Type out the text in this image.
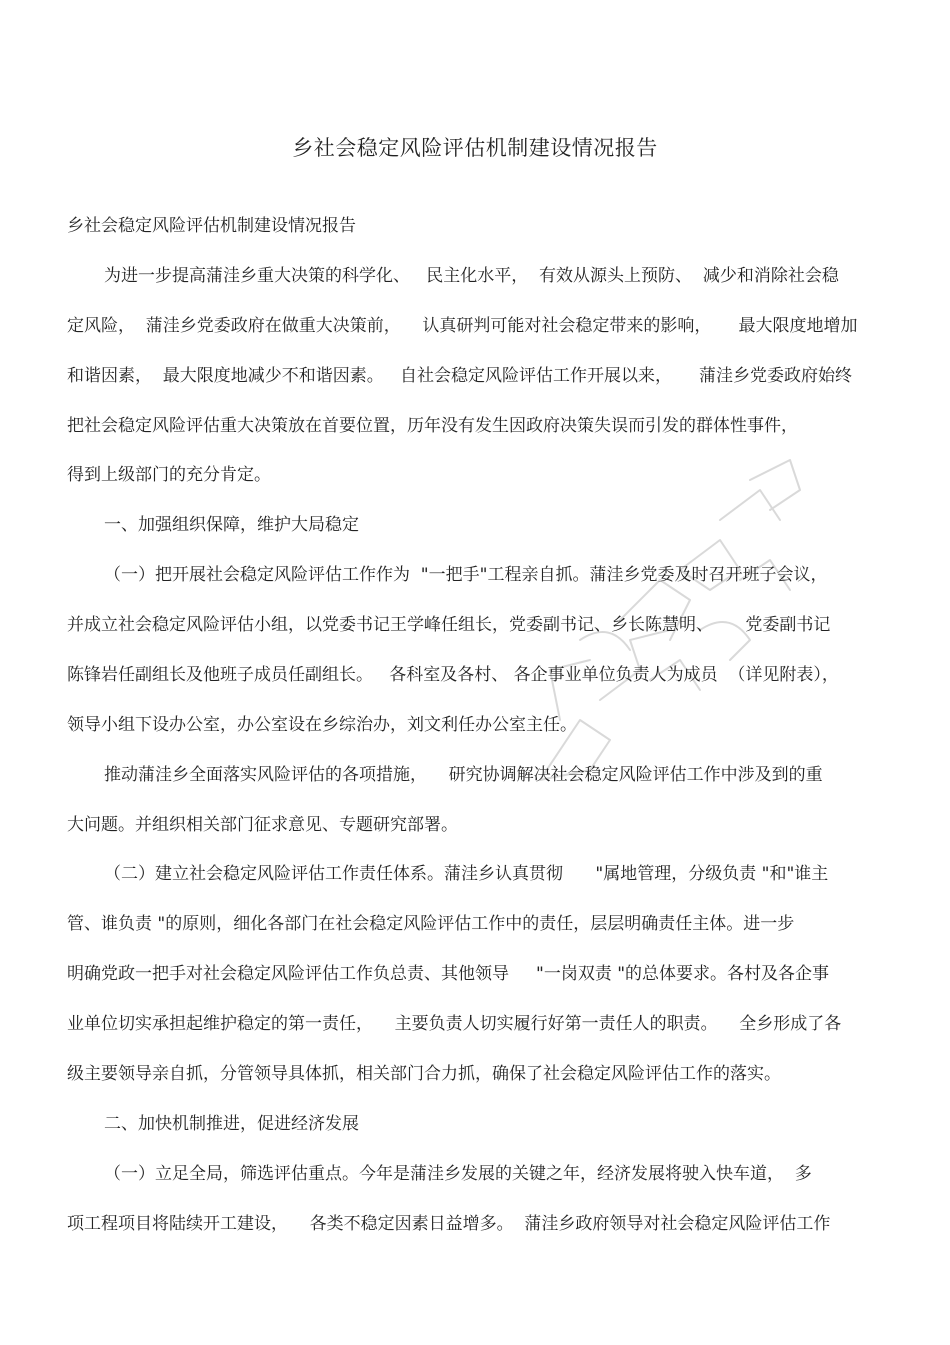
乡社会稳定风险评估机制建设情况报告
乡社会稳定风险评估机制建设情况报告
为进一步提高蒲洼乡重大决策的科学化、   民主化水平，  有效从源头上预防、  减少和消除社会稳
定风险，  蒲洼乡党委政府在做重大决策前，    认真研判可能对社会稳定带来的影响，     最大限度地增加
和谐因素，  最大限度地减少不和谐因素。   自社会稳定风险评估工作开展以来，     蒲洼乡党委政府始终
把社会稳定风险评估重大决策放在首要位置，历年没有发生因政府决策失误而引发的群体性事件，
得到上级部门的充分肯定。
一、加强组织保障，维护大局稳定
（一）把开展社会稳定风险评估工作作为  "一把手"工程亲自抓。蒲洼乡党委及时召开班子会议，
并成立社会稳定风险评估小组，以党委书记王学峰任组长，党委副书记、乡长陈慧明、      党委副书记
陈锋岩任副组长及他班子成员任副组长。   各科室及各村、 各企事业单位负责人为成员  （详见附表），
领导小组下设办公室，办公室设在乡综治办，刘文利任办公室主任。
推动蒲洼乡全面落实风险评估的各项措施，    研究协调解决社会稳定风险评估工作中涉及到的重
大问题。并组织相关部门征求意见、专题研究部署。
（二）建立社会稳定风险评估工作责任体系。蒲洼乡认真贯彻      "属地管理，分级负责 "和"谁主
管、谁负责 "的原则，细化各部门在社会稳定风险评估工作中的责任，层层明确责任主体。进一步
明确党政一把手对社会稳定风险评估工作负总责、其他领导     "一岗双责 "的总体要求。各村及各企事
业单位切实承担起维护稳定的第一责任，    主要负责人切实履行好第一责任人的职责。    全乡形成了各
级主要领导亲自抓，分管领导具体抓，相关部门合力抓，确保了社会稳定风险评估工作的落实。
二、加快机制推进，促进经济发展
（一）立足全局，筛选评估重点。今年是蒲洼乡发展的关键之年，经济发展将驶入快车道，  多
项工程项目将陆续开工建设，    各类不稳定因素日益增多。  蒲洼乡政府领导对社会稳定风险评估工作
